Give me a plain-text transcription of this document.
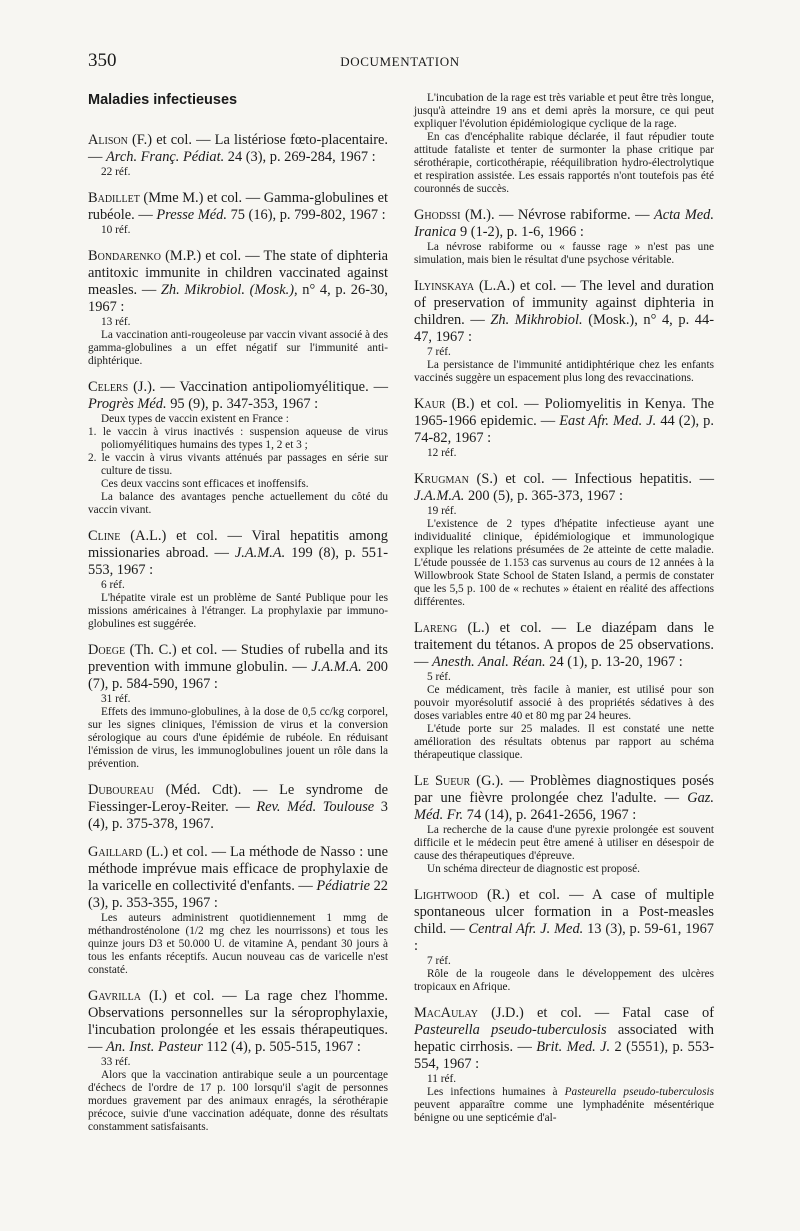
350	DOCUMENTATION
Maladies infectieuses
Alison (F.) et col. — La listériose fœto-placentaire. — Arch. Franç. Pédiat. 24 (3), p. 269-284, 1967 :
22 réf.
Badillet (Mme M.) et col. — Gamma-globulines et rubéole. — Presse Méd. 75 (16), p. 799-802, 1967 :
10 réf.
Bondarenko (M.P.) et col. — The state of diphteria antitoxic immunite in children vaccinated against measles. — Zh. Mikrobiol. (Mosk.), n° 4, p. 26-30, 1967 :
13 réf.

La vaccination anti-rougeoleuse par vaccin vivant associé à des gamma-globulines a un effet négatif sur l'immunité anti-diphtérique.

Celers (J.). — Vaccination antipoliomyélitique. — Progrès Méd. 95 (9), p. 347-353, 1967 :

Deux types de vaccin existent en France :

1. le vaccin à virus inactivés : suspension aqueuse de virus poliomyélitiques humains des types 1, 2 et 3 ;
2. le vaccin à virus vivants atténués par passages en série sur culture de tissu.

Ces deux vaccins sont efficaces et inoffensifs.

La balance des avantages penche actuellement du côté du vaccin vivant.

Cline (A.L.) et col. — Viral hepatitis among missionaries abroad. — J.A.M.A. 199 (8), p. 551-553, 1967 :
6 réf.

L'hépatite virale est un problème de Santé Publique pour les missions américaines à l'étranger. La prophylaxie par immuno-globulines est suggérée.

Doege (Th. C.) et col. — Studies of rubella and its prevention with immune globulin. — J.A.M.A. 200 (7), p. 584-590, 1967 :
31 réf.

Effets des immuno-globulines, à la dose de 0,5 cc/kg corporel, sur les signes cliniques, l'émission de virus et la conversion sérologique au cours d'une épidémie de rubéole. En réduisant l'émission de virus, les immunoglobulines jouent un rôle dans la prévention.

Duboureau (Méd. Cdt). — Le syndrome de Fiessinger-Leroy-Reiter. — Rev. Méd. Toulouse 3 (4), p. 375-378, 1967.
Gaillard (L.) et col. — La méthode de Nasso : une méthode imprévue mais efficace de prophylaxie de la varicelle en collectivité d'enfants. — Pédiatrie 22 (3), p. 353-355, 1967 :

Les auteurs administrent quotidiennement 1 mmg de méthandrosténolone (1/2 mg chez les nourrissons) et tous les quinze jours D3 et 50.000 U. de vitamine A, pendant 30 jours à tous les enfants réceptifs. Aucun nouveau cas de varicelle n'est constaté.

Gavrilla (I.) et col. — La rage chez l'homme. Observations personnelles sur la séroprophylaxie, l'incubation prolongée et les essais thérapeutiques. — An. Inst. Pasteur 112 (4), p. 505-515, 1967 :
33 réf.

Alors que la vaccination antirabique seule a un pourcentage d'échecs de l'ordre de 17 p. 100 lorsqu'il s'agit de personnes mordues gravement par des animaux enragés, la sérothérapie précoce, suivie d'une vaccination adéquate, donne des résultats constamment satisfaisants.

L'incubation de la rage est très variable et peut être très longue, jusqu'à atteindre 19 ans et demi après la morsure, ce qui peut expliquer l'évolution épidémiologique cyclique de la rage.

En cas d'encéphalite rabique déclarée, il faut répudier toute attitude fataliste et tenter de surmonter la phase critique par sérothérapie, corticothérapie, rééquilibration hydro-électrolytique et respiration assistée. Les essais rapportés n'ont toutefois pas été couronnés de succès.

Ghodssi (M.). — Névrose rabiforme. — Acta Med. Iranica 9 (1-2), p. 1-6, 1966 :

La névrose rabiforme ou « fausse rage » n'est pas une simulation, mais bien le résultat d'une psychose véritable.

Ilyinskaya (L.A.) et col. — The level and duration of preservation of immunity against diphteria in children. — Zh. Mikhrobiol. (Mosk.), n° 4, p. 44-47, 1967 :
7 réf.

La persistance de l'immunité antidiphtérique chez les enfants vaccinés suggère un espacement plus long des revaccinations.

Kaur (B.) et col. — Poliomyelitis in Kenya. The 1965-1966 epidemic. — East Afr. Med. J. 44 (2), p. 74-82, 1967 :
12 réf.
Krugman (S.) et col. — Infectious hepatitis. — J.A.M.A. 200 (5), p. 365-373, 1967 :
19 réf.

L'existence de 2 types d'hépatite infectieuse ayant une individualité clinique, épidémiologique et immunologique explique les relations présumées de 2e atteinte de cette maladie. L'étude poussée de 1.153 cas survenus au cours de 12 années à la Willowbrook State School de Staten Island, a permis de constater que les 5,5 p. 100 de « rechutes » étaient en réalité des affections différentes.

Lareng (L.) et col. — Le diazépam dans le traitement du tétanos. A propos de 25 observations. — Anesth. Anal. Réan. 24 (1), p. 13-20, 1967 :
5 réf.

Ce médicament, très facile à manier, est utilisé pour son pouvoir myorésolutif associé à des propriétés sédatives à des doses variables entre 40 et 80 mg par 24 heures.

L'étude porte sur 25 malades. Il est constaté une nette amélioration des résultats obtenus par rapport au schéma thérapeutique classique.

Le Sueur (G.). — Problèmes diagnostiques posés par une fièvre prolongée chez l'adulte. — Gaz. Méd. Fr. 74 (14), p. 2641-2656, 1967 :

La recherche de la cause d'une pyrexie prolongée est souvent difficile et le médecin peut être amené à utiliser en désespoir de cause des thérapeutiques d'épreuve.

Un schéma directeur de diagnostic est proposé.

Lightwood (R.) et col. — A case of multiple spontaneous ulcer formation in a Post-measles child. — Central Afr. J. Med. 13 (3), p. 59-61, 1967 :
7 réf.

Rôle de la rougeole dans le développement des ulcères tropicaux en Afrique.

MacAulay (J.D.) et col. — Fatal case of Pasteurella pseudo-tuberculosis associated with hepatic cirrhosis. — Brit. Med. J. 2 (5551), p. 553-554, 1967 :
11 réf.

Les infections humaines à Pasteurella pseudo-tuberculosis peuvent apparaître comme une lymphadénite mésentérique bénigne ou une septicémie d'al-
